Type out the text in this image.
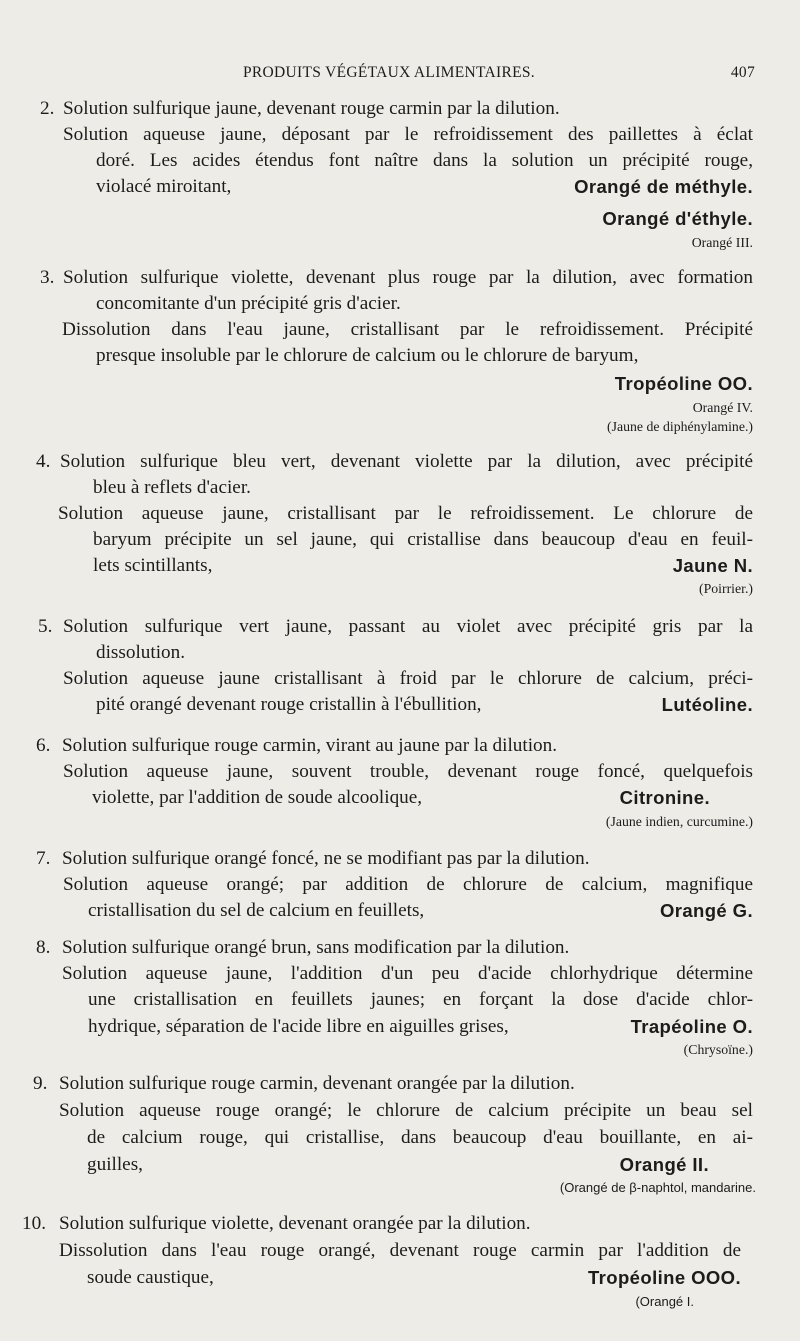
PRODUITS VÉGÉTAUX ALIMENTAIRES.	407
2. Solution sulfurique jaune, devenant rouge carmin par la dilution.
Solution aqueuse jaune, déposant par le refroidissement des paillettes à éclat
doré. Les acides étendus font naître dans la solution un précipité rouge,
violacé miroitant,	Orangé de méthyle.
Orangé d'éthyle.
Orangé III.
3. Solution sulfurique violette, devenant plus rouge par la dilution, avec formation
concomitante d'un précipité gris d'acier.
Dissolution dans l'eau jaune, cristallisant par le refroidissement. Précipité
presque insoluble par le chlorure de calcium ou le chlorure de baryum,
Tropéoline OO.
Orangé IV.
(Jaune de diphénylamine.)
4. Solution sulfurique bleu vert, devenant violette par la dilution, avec précipité
bleu à reflets d'acier.
Solution aqueuse jaune, cristallisant par le refroidissement. Le chlorure de
baryum précipite un sel jaune, qui cristallise dans beaucoup d'eau en feuil-
lets scintillants,	Jaune N.
(Poirrier.)
5. Solution sulfurique vert jaune, passant au violet avec précipité gris par la
dissolution.
Solution aqueuse jaune cristallisant à froid par le chlorure de calcium, préci-
pité orangé devenant rouge cristallin à l'ébullition,	Lutéoline.
6. Solution sulfurique rouge carmin, virant au jaune par la dilution.
Solution aqueuse jaune, souvent trouble, devenant rouge foncé, quelquefois
violette, par l'addition de soude alcoolique,	Citronine.
(Jaune indien, curcumine.)
7. Solution sulfurique orangé foncé, ne se modifiant pas par la dilution.
Solution aqueuse orangé; par addition de chlorure de calcium, magnifique
cristallisation du sel de calcium en feuillets,	Orangé G.
8. Solution sulfurique orangé brun, sans modification par la dilution.
Solution aqueuse jaune, l'addition d'un peu d'acide chlorhydrique détermine
une cristallisation en feuillets jaunes; en forçant la dose d'acide chlor-
hydrique, séparation de l'acide libre en aiguilles grises,	Trapéoline O.
(Chrysoïne.)
9. Solution sulfurique rouge carmin, devenant orangée par la dilution.
Solution aqueuse rouge orangé; le chlorure de calcium précipite un beau sel
de calcium rouge, qui cristallise, dans beaucoup d'eau bouillante, en ai-
guilles,	Orangé II.
(Orangé de β-naphtol, mandarine.
10. Solution sulfurique violette, devenant orangée par la dilution.
Dissolution dans l'eau rouge orangé, devenant rouge carmin par l'addition de
soude caustique,	Tropéoline OOO.
(Orangé I.
